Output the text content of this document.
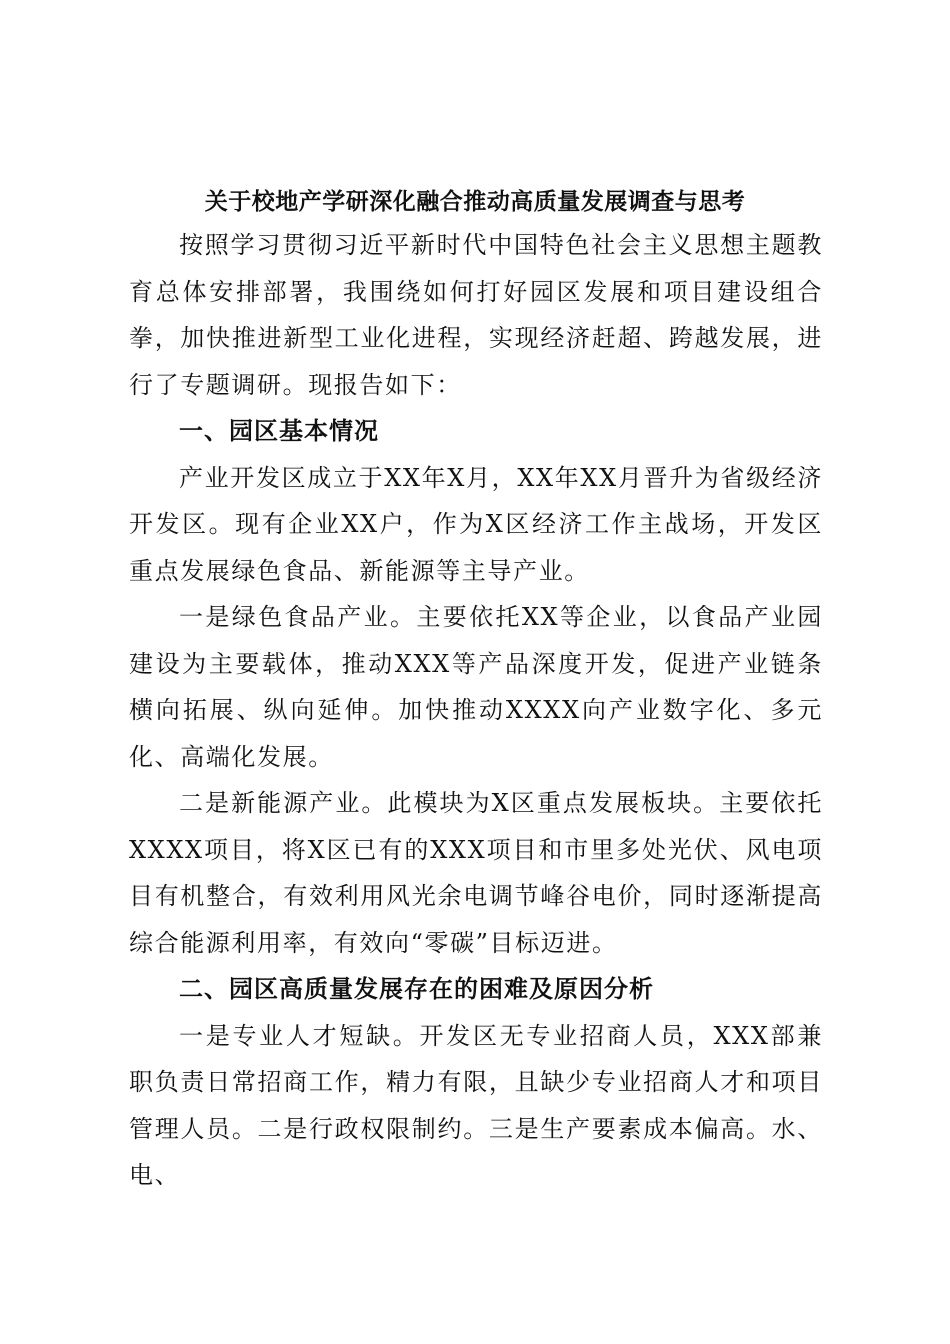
关于校地产学研深化融合推动高质量发展调查与思考

按照学习贯彻习近平新时代中国特色社会主义思想主题教育总体安排部署，我围绕如何打好园区发展和项目建设组合拳，加快推进新型工业化进程，实现经济赶超、跨越发展，进行了专题调研。现报告如下：

一、园区基本情况

产业开发区成立于XX年X月，XX年XX月晋升为省级经济开发区。现有企业XX户，作为X区经济工作主战场，开发区重点发展绿色食品、新能源等主导产业。

一是绿色食品产业。主要依托XX等企业，以食品产业园建设为主要载体，推动XXX等产品深度开发，促进产业链条横向拓展、纵向延伸。加快推动XXXX向产业数字化、多元化、高端化发展。

二是新能源产业。此模块为X区重点发展板块。主要依托XXXX项目，将X区已有的XXX项目和市里多处光伏、风电项目有机整合，有效利用风光余电调节峰谷电价，同时逐渐提高综合能源利用率，有效向“零碳”目标迈进。

二、园区高质量发展存在的困难及原因分析

一是专业人才短缺。开发区无专业招商人员，XXX部兼职负责日常招商工作，精力有限，且缺少专业招商人才和项目管理人员。二是行政权限制约。三是生产要素成本偏高。水、电、
